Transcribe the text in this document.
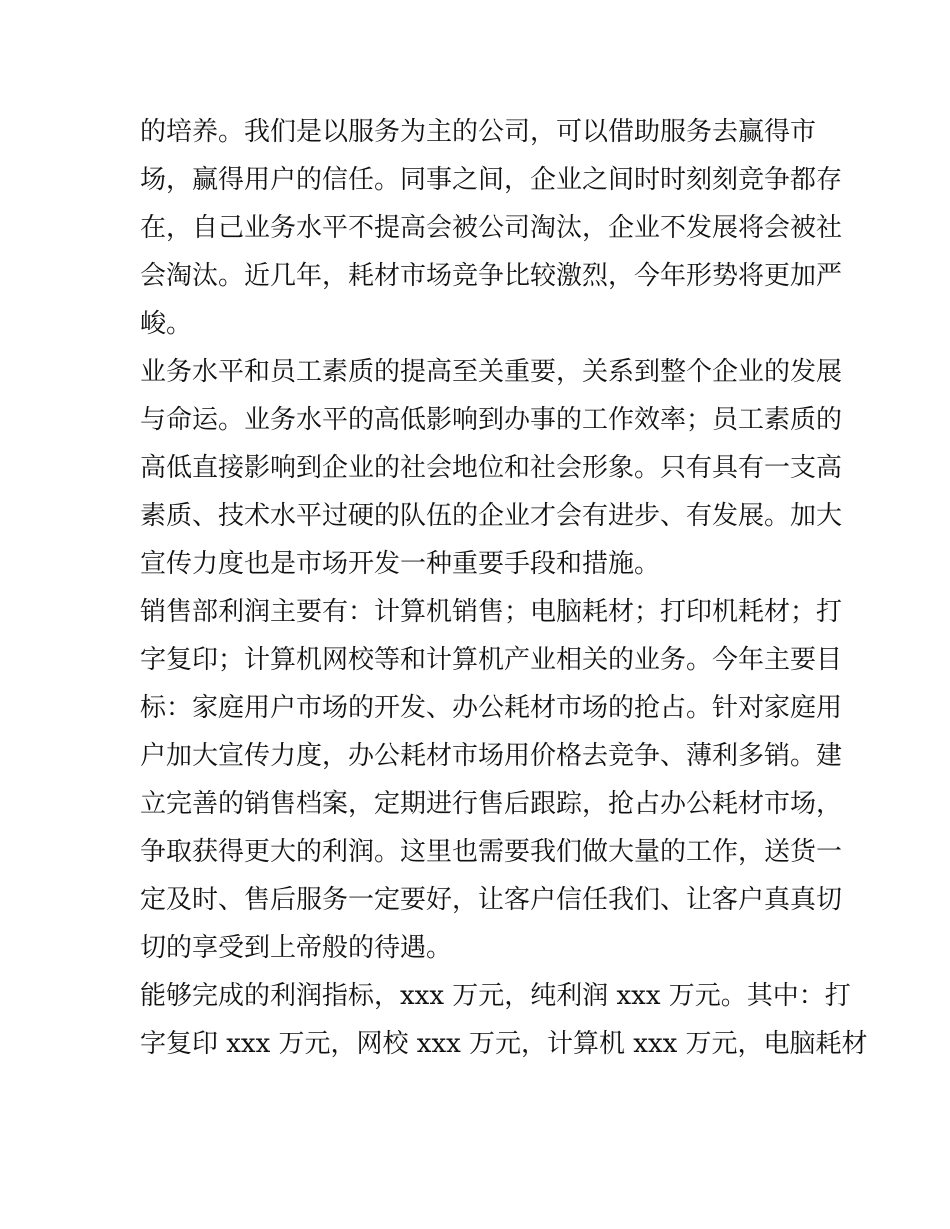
的培养。我们是以服务为主的公司，可以借助服务去赢得市
场，赢得用户的信任。同事之间，企业之间时时刻刻竞争都存
在，自己业务水平不提高会被公司淘汰，企业不发展将会被社
会淘汰。近几年，耗材市场竞争比较激烈，今年形势将更加严
峻。
业务水平和员工素质的提高至关重要，关系到整个企业的发展
与命运。业务水平的高低影响到办事的工作效率；员工素质的
高低直接影响到企业的社会地位和社会形象。只有具有一支高
素质、技术水平过硬的队伍的企业才会有进步、有发展。加大
宣传力度也是市场开发一种重要手段和措施。
销售部利润主要有：计算机销售；电脑耗材；打印机耗材；打
字复印；计算机网校等和计算机产业相关的业务。今年主要目
标：家庭用户市场的开发、办公耗材市场的抢占。针对家庭用
户加大宣传力度，办公耗材市场用价格去竞争、薄利多销。建
立完善的销售档案，定期进行售后跟踪，抢占办公耗材市场，
争取获得更大的利润。这里也需要我们做大量的工作，送货一
定及时、售后服务一定要好，让客户信任我们、让客户真真切
切的享受到上帝般的待遇。
能够完成的利润指标，xxx 万元，纯利润 xxx 万元。其中：打
字复印 xxx 万元，网校 xxx 万元，计算机 xxx 万元，电脑耗材
